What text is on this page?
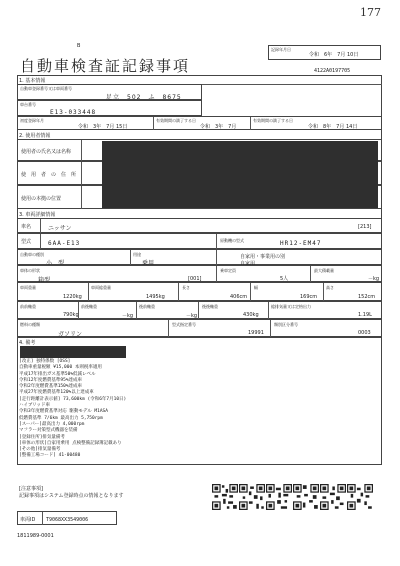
177
B
自動車検査証記録事項
記録年月日
令和　6年　7月 10日
4122A0197705
1. 基本情報
自動車登録番号又は車両番号
足立　502　ふ　8675
車台番号
E13-033448
初度登録年月
令和　3年　7月 15日
有効期間の満了する日
令和　3年　7月
有効期間の満了する日
令和　8年　7月 14日
2. 使用者情報
使用者の氏名又は名称
使　用　者　の　住　所
使用の本拠の位置
3. 車両詳細情報
車名	ニッサン	[213]
型式	6AA-E13	原動機の型式	HR12-EM47
自動車の種別
小　型
用途
乗用
自家用・事業用の別
自家用
車体の形状
箱型	[001]
乗車定員
5人
最大積載量
－kg
車両重量
1220kg
車両総重量
1495kg
長さ
406cm
幅
169cm
高さ
152cm
前前軸重
790kg
前後軸重
－kg
後前軸重
－kg
後後軸重
430kg
総排気量又は定格出力
1.19L
燃料の種類
ガソリン
型式指定番号
19991
類別区分番号
0003
4. 備考
[改正] 独特係数 [OSS]
自動車重量税額 ¥15,000 本則税率適用
平成17年排出ガス基準50%低減レベル
令和12年度燃費基準95%達成車
令和2年度燃費基準150%達成車
平成27年度燃費基準120%以上達成車
[走行距離計表示値] 73,600km (令和6年7月10日)
ハイブリッド車
令和3年度燃費基準対応 駆動モデル M1ASA
低燃費基準 7/6km 最高出力 5,750rpm
[スーパー]最高出力 4,000rpm
マフラー対策型式機器を装備
[登録住所]排気量備考
[車体の形状]自家用乗用 点検整備記録簿記載あり
[その他]排気量備考
[整備工場コード] 41-00480
[注意事項]
記録事項はシステム登録時点の情報となります
車両ID T9068XX3549006
1811989-0001
